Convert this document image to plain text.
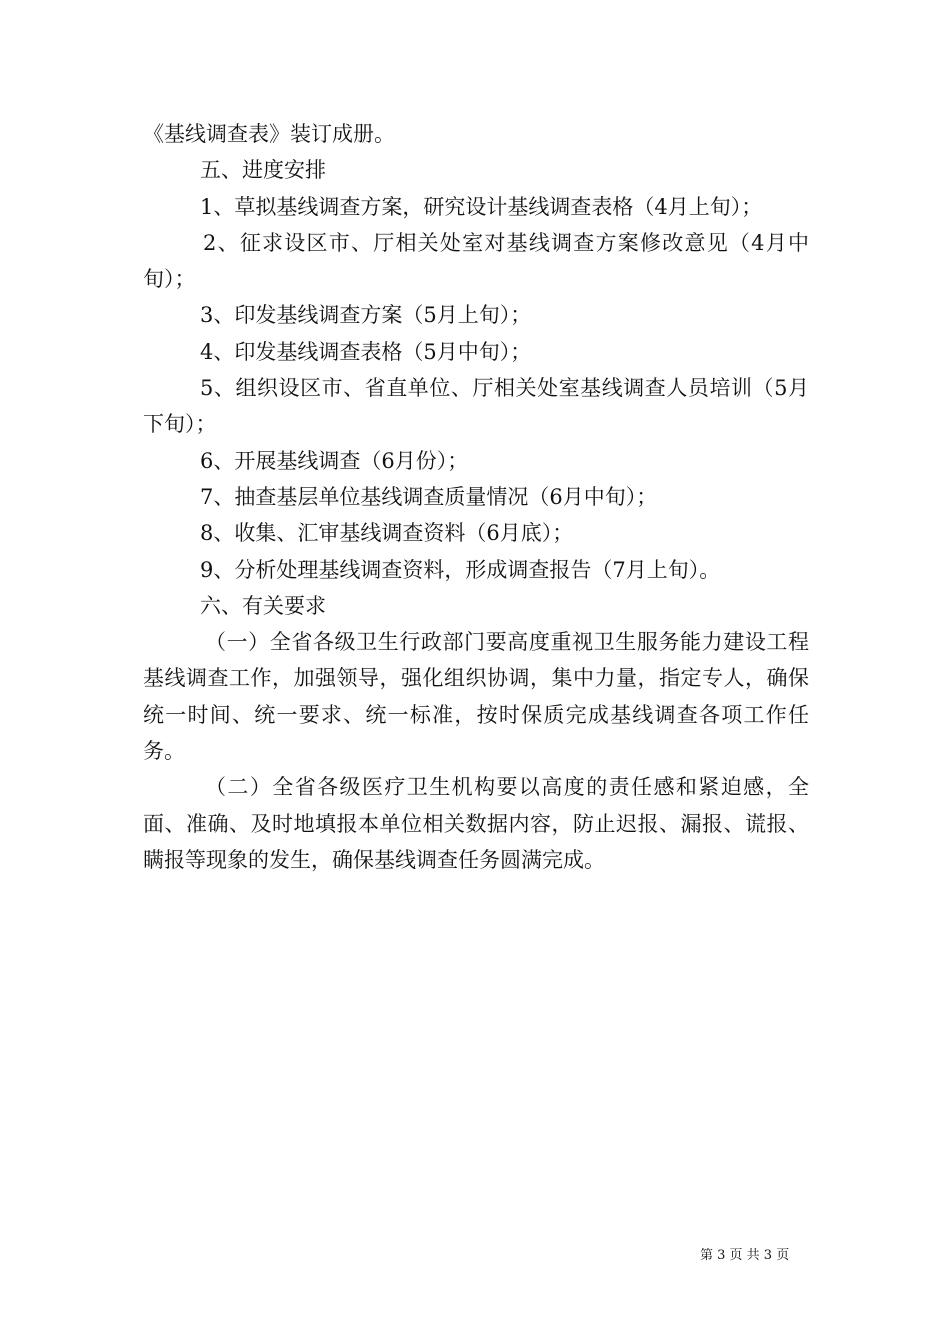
《基线调查表》装订成册。

五、进度安排

1、草拟基线调查方案，研究设计基线调查表格（4月上旬）；

2、征求设区市、厅相关处室对基线调查方案修改意见（4月中旬）；

3、印发基线调查方案（5月上旬）；

4、印发基线调查表格（5月中旬）；

5、组织设区市、省直单位、厅相关处室基线调查人员培训（5月下旬）；

6、开展基线调查（6月份）；

7、抽查基层单位基线调查质量情况（6月中旬）；

8、收集、汇审基线调查资料（6月底）；

9、分析处理基线调查资料，形成调查报告（7月上旬）。

六、有关要求

（一）全省各级卫生行政部门要高度重视卫生服务能力建设工程基线调查工作，加强领导，强化组织协调，集中力量，指定专人，确保统一时间、统一要求、统一标准，按时保质完成基线调查各项工作任务。

（二）全省各级医疗卫生机构要以高度的责任感和紧迫感，全面、准确、及时地填报本单位相关数据内容，防止迟报、漏报、谎报、瞒报等现象的发生，确保基线调查任务圆满完成。

第 3 页 共 3 页
